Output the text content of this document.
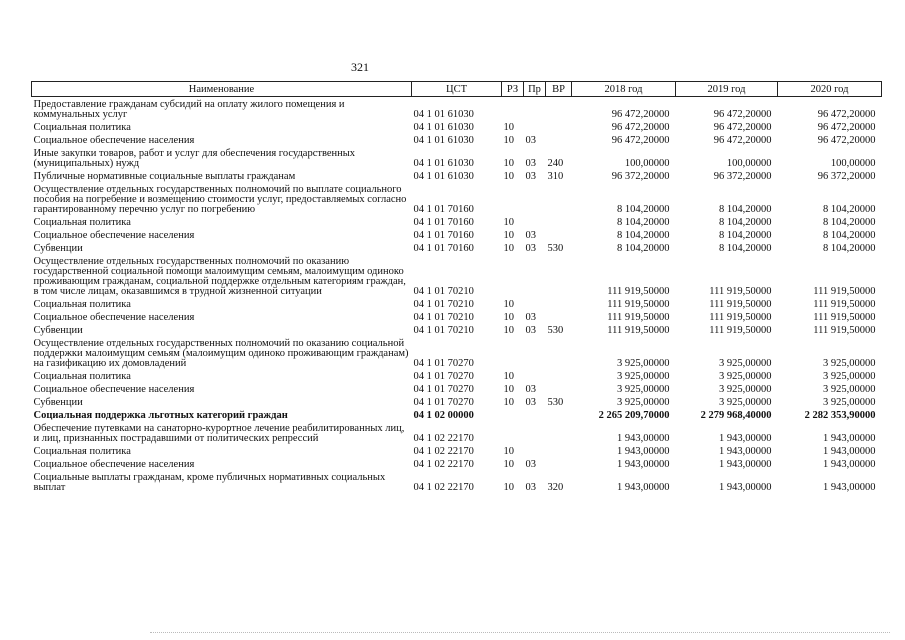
321
Наименование	ЦСТ	РЗ	Пр	ВР	2018 год	2019 год	2020 год
Предоставление гражданам субсидий на оплату жилого помещения и коммунальных услуг	04 1 01 61030				96 472,20000	96 472,20000	96 472,20000
Социальная политика	04 1 01 61030	10			96 472,20000	96 472,20000	96 472,20000
Социальное обеспечение населения	04 1 01 61030	10	03		96 472,20000	96 472,20000	96 472,20000
Иные закупки товаров, работ и услуг для обеспечения государственных (муниципальных) нужд	04 1 01 61030	10	03	240	100,00000	100,00000	100,00000
Публичные нормативные социальные выплаты гражданам	04 1 01 61030	10	03	310	96 372,20000	96 372,20000	96 372,20000
Осуществление отдельных государственных полномочий по выплате социального пособия на погребение и возмещению стоимости услуг, предоставляемых согласно гарантированному перечню услуг по погребению	04 1 01 70160				8 104,20000	8 104,20000	8 104,20000
Социальная политика	04 1 01 70160	10			8 104,20000	8 104,20000	8 104,20000
Социальное обеспечение населения	04 1 01 70160	10	03		8 104,20000	8 104,20000	8 104,20000
Субвенции	04 1 01 70160	10	03	530	8 104,20000	8 104,20000	8 104,20000
Осуществление отдельных государственных полномочий по оказанию государственной социальной помощи малоимущим семьям, малоимущим одиноко проживающим гражданам, социальной поддержке отдельным категориям граждан, в том числе лицам, оказавшимся в трудной жизненной ситуации	04 1 01 70210				111 919,50000	111 919,50000	111 919,50000
Социальная политика	04 1 01 70210	10			111 919,50000	111 919,50000	111 919,50000
Социальное обеспечение населения	04 1 01 70210	10	03		111 919,50000	111 919,50000	111 919,50000
Субвенции	04 1 01 70210	10	03	530	111 919,50000	111 919,50000	111 919,50000
Осуществление отдельных государственных полномочий по оказанию социальной поддержки малоимущим семьям (малоимущим одиноко проживающим гражданам) на газификацию их домовладений	04 1 01 70270				3 925,00000	3 925,00000	3 925,00000
Социальная политика	04 1 01 70270	10			3 925,00000	3 925,00000	3 925,00000
Социальное обеспечение населения	04 1 01 70270	10	03		3 925,00000	3 925,00000	3 925,00000
Субвенции	04 1 01 70270	10	03	530	3 925,00000	3 925,00000	3 925,00000
Социальная поддержка льготных категорий граждан	04 1 02 00000				2 265 209,70000	2 279 968,40000	2 282 353,90000
Обеспечение путевками на санаторно-курортное лечение реабилитированных лиц, и лиц, признанных пострадавшими от политических репрессий	04 1 02 22170				1 943,00000	1 943,00000	1 943,00000
Социальная политика	04 1 02 22170	10			1 943,00000	1 943,00000	1 943,00000
Социальное обеспечение населения	04 1 02 22170	10	03		1 943,00000	1 943,00000	1 943,00000
Социальные выплаты гражданам, кроме публичных нормативных социальных выплат	04 1 02 22170	10	03	320	1 943,00000	1 943,00000	1 943,00000
